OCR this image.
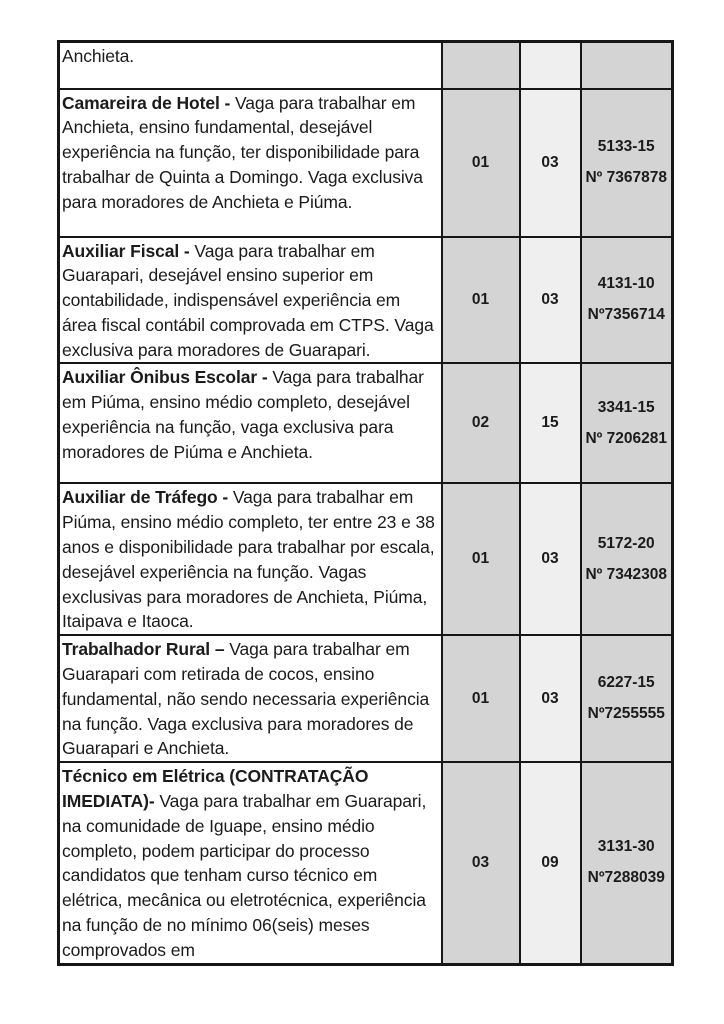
Anchieta.			

Camareira de Hotel - Vaga para trabalhar em Anchieta, ensino fundamental, desejável experiência na função, ter disponibilidade para trabalhar de Quinta a Domingo. Vaga exclusiva para moradores de Anchieta e Piúma.	01	03	5133-15
Nº 7367878

Auxiliar Fiscal - Vaga para trabalhar em Guarapari, desejável ensino superior em contabilidade, indispensável experiência em área fiscal contábil comprovada em CTPS. Vaga exclusiva para moradores de Guarapari.	01	03	4131-10
Nº7356714

Auxiliar Ônibus Escolar - Vaga para trabalhar em Piúma, ensino médio completo, desejável experiência na função, vaga exclusiva para moradores de Piúma e Anchieta.	02	15	3341-15
Nº 7206281

Auxiliar de Tráfego - Vaga para trabalhar em Piúma, ensino médio completo, ter entre 23 e 38 anos e disponibilidade para trabalhar por escala, desejável experiência na função. Vagas exclusivas para moradores de Anchieta, Piúma, Itaipava e Itaoca.	01	03	5172-20
Nº 7342308

Trabalhador Rural – Vaga para trabalhar em Guarapari com retirada de cocos, ensino fundamental, não sendo necessaria experiência na função. Vaga exclusiva para moradores de Guarapari e Anchieta.	01	03	6227-15
Nº7255555

Técnico em Elétrica (CONTRATAÇÃO IMEDIATA)- Vaga para trabalhar em Guarapari, na comunidade de Iguape, ensino médio completo, podem participar do processo candidatos que tenham curso técnico em elétrica, mecânica ou eletrotécnica, experiência na função de no mínimo 06(seis) meses comprovados em	03	09	3131-30
Nº7288039
